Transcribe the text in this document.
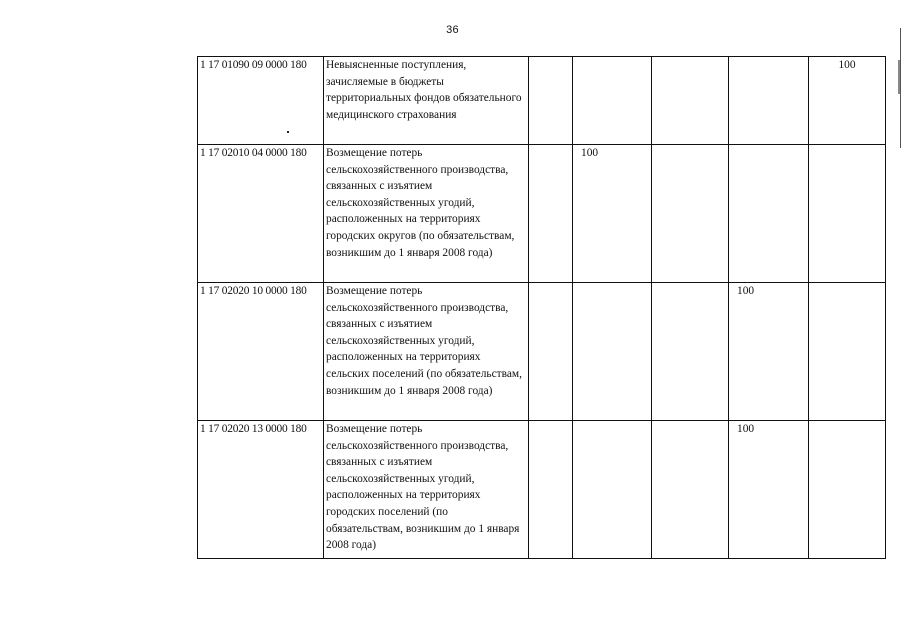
36
1 17 01090 09 0000 180	Невыясненные поступления, зачисляемые в бюджеты территориальных фондов обязательного медицинского страхования					100
1 17 02010 04 0000 180	Возмещение потерь сельскохозяйственного производства, связанных с изъятием сельскохозяйственных угодий, расположенных на территориях городских округов (по обязательствам, возникшим до 1 января 2008 года)		100			
1 17 02020 10 0000 180	Возмещение потерь сельскохозяйственного производства, связанных с изъятием сельскохозяйственных угодий, расположенных на территориях сельских поселений (по обязательствам, возникшим до 1 января 2008 года)				100	
1 17 02020 13 0000 180	Возмещение потерь сельскохозяйственного производства, связанных с изъятием сельскохозяйственных угодий, расположенных на территориях городских поселений (по обязательствам, возникшим до 1 января 2008 года)				100	
